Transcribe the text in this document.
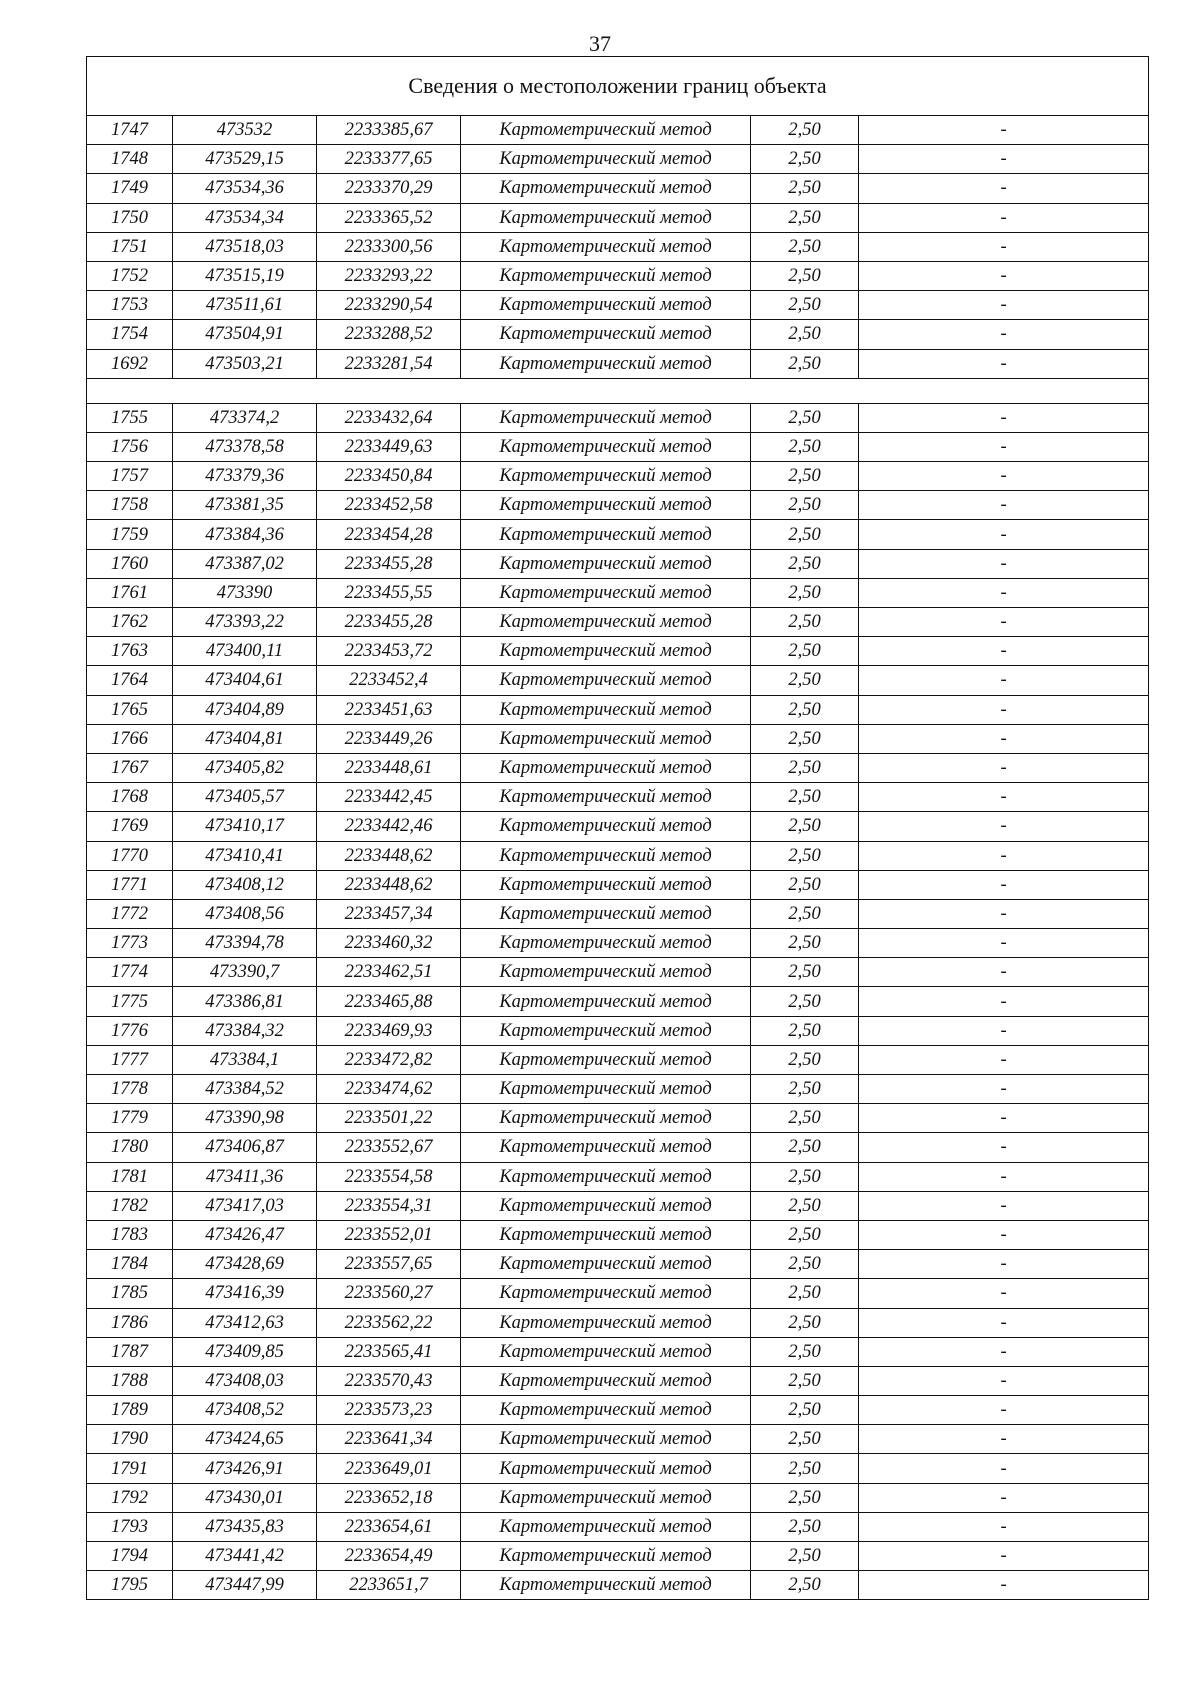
37
Сведения о местоположении границ объекта					
1747	473532	2233385,67	Картометрический метод	2,50	-
1748	473529,15	2233377,65	Картометрический метод	2,50	-
1749	473534,36	2233370,29	Картометрический метод	2,50	-
1750	473534,34	2233365,52	Картометрический метод	2,50	-
1751	473518,03	2233300,56	Картометрический метод	2,50	-
1752	473515,19	2233293,22	Картометрический метод	2,50	-
1753	473511,61	2233290,54	Картометрический метод	2,50	-
1754	473504,91	2233288,52	Картометрический метод	2,50	-
1692	473503,21	2233281,54	Картометрический метод	2,50	-

1755	473374,2	2233432,64	Картометрический метод	2,50	-
1756	473378,58	2233449,63	Картометрический метод	2,50	-
1757	473379,36	2233450,84	Картометрический метод	2,50	-
1758	473381,35	2233452,58	Картометрический метод	2,50	-
1759	473384,36	2233454,28	Картометрический метод	2,50	-
1760	473387,02	2233455,28	Картометрический метод	2,50	-
1761	473390	2233455,55	Картометрический метод	2,50	-
1762	473393,22	2233455,28	Картометрический метод	2,50	-
1763	473400,11	2233453,72	Картометрический метод	2,50	-
1764	473404,61	2233452,4	Картометрический метод	2,50	-
1765	473404,89	2233451,63	Картометрический метод	2,50	-
1766	473404,81	2233449,26	Картометрический метод	2,50	-
1767	473405,82	2233448,61	Картометрический метод	2,50	-
1768	473405,57	2233442,45	Картометрический метод	2,50	-
1769	473410,17	2233442,46	Картометрический метод	2,50	-
1770	473410,41	2233448,62	Картометрический метод	2,50	-
1771	473408,12	2233448,62	Картометрический метод	2,50	-
1772	473408,56	2233457,34	Картометрический метод	2,50	-
1773	473394,78	2233460,32	Картометрический метод	2,50	-
1774	473390,7	2233462,51	Картометрический метод	2,50	-
1775	473386,81	2233465,88	Картометрический метод	2,50	-
1776	473384,32	2233469,93	Картометрический метод	2,50	-
1777	473384,1	2233472,82	Картометрический метод	2,50	-
1778	473384,52	2233474,62	Картометрический метод	2,50	-
1779	473390,98	2233501,22	Картометрический метод	2,50	-
1780	473406,87	2233552,67	Картометрический метод	2,50	-
1781	473411,36	2233554,58	Картометрический метод	2,50	-
1782	473417,03	2233554,31	Картометрический метод	2,50	-
1783	473426,47	2233552,01	Картометрический метод	2,50	-
1784	473428,69	2233557,65	Картометрический метод	2,50	-
1785	473416,39	2233560,27	Картометрический метод	2,50	-
1786	473412,63	2233562,22	Картометрический метод	2,50	-
1787	473409,85	2233565,41	Картометрический метод	2,50	-
1788	473408,03	2233570,43	Картометрический метод	2,50	-
1789	473408,52	2233573,23	Картометрический метод	2,50	-
1790	473424,65	2233641,34	Картометрический метод	2,50	-
1791	473426,91	2233649,01	Картометрический метод	2,50	-
1792	473430,01	2233652,18	Картометрический метод	2,50	-
1793	473435,83	2233654,61	Картометрический метод	2,50	-
1794	473441,42	2233654,49	Картометрический метод	2,50	-
1795	473447,99	2233651,7	Картометрический метод	2,50	-
